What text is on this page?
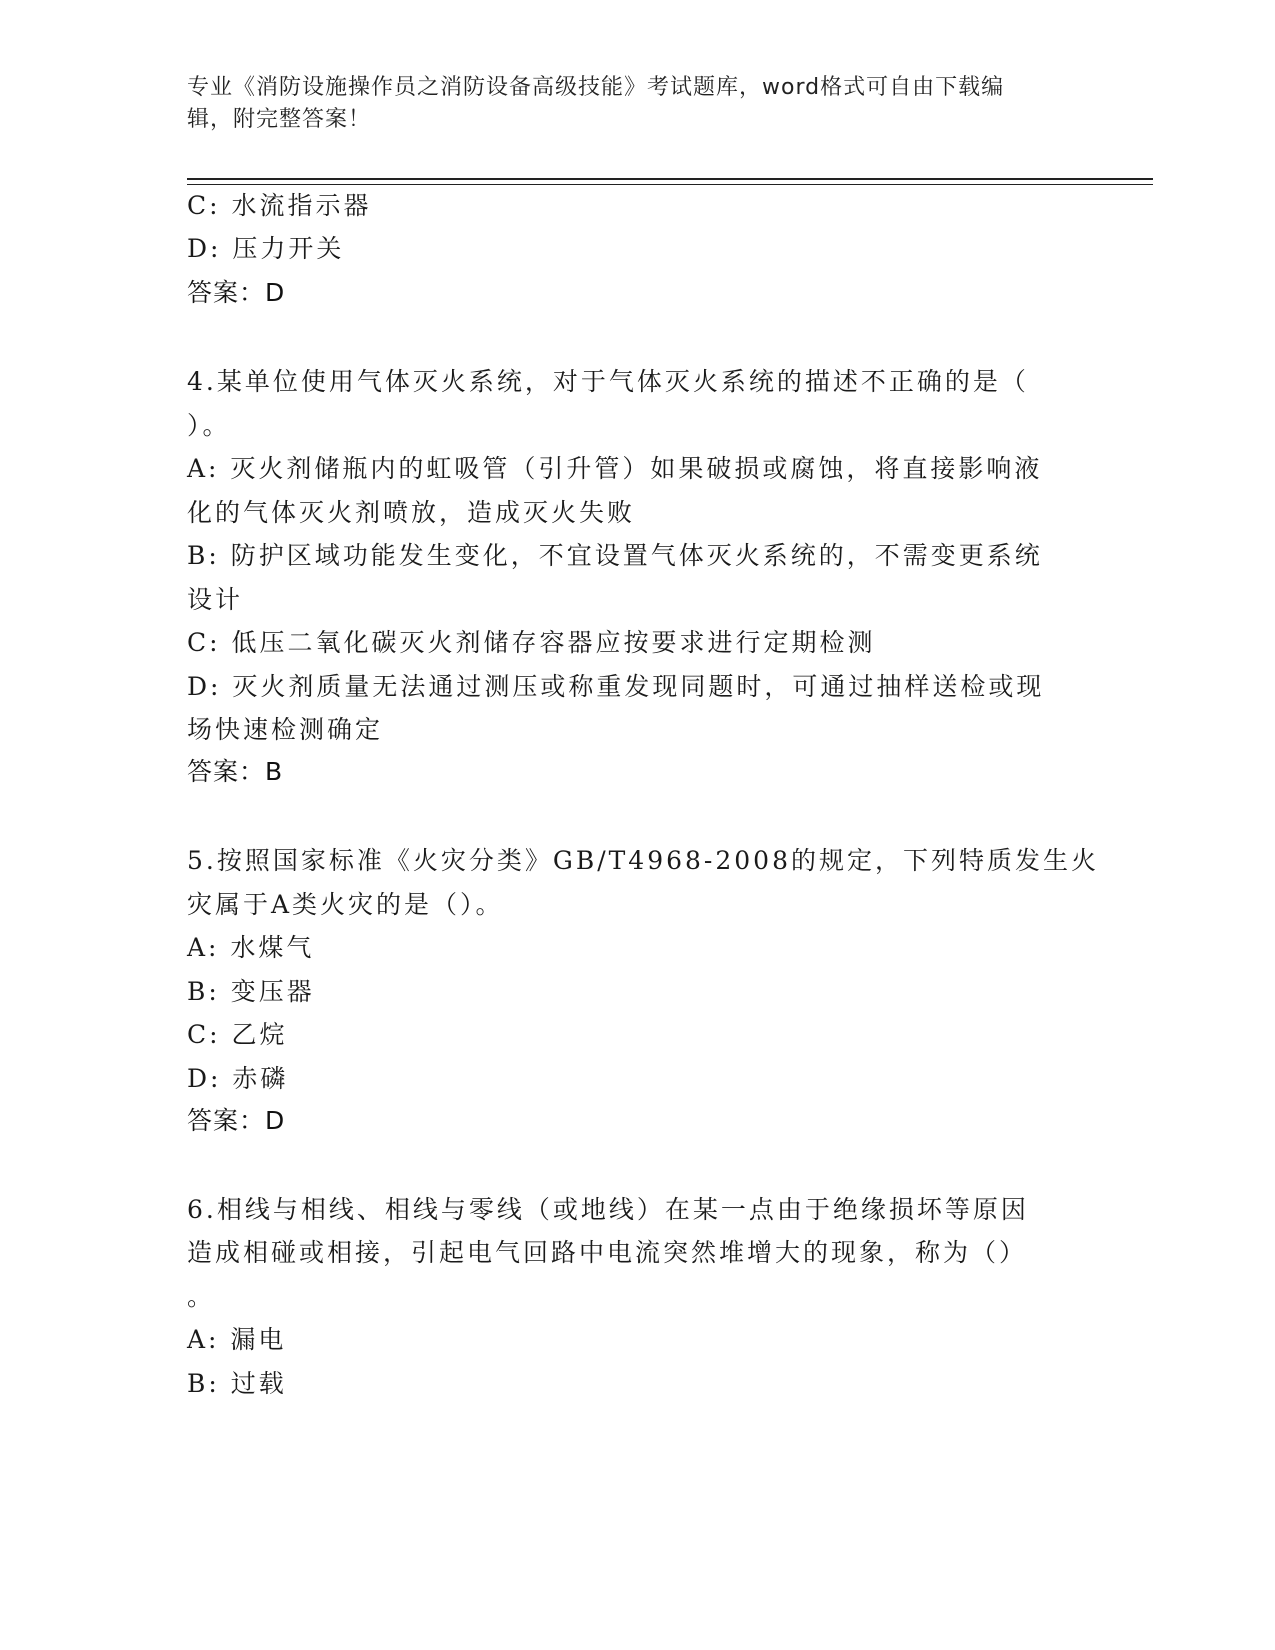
专业《消防设施操作员之消防设备高级技能》考试题库，word格式可自由下载编
辑，附完整答案！
C: 水流指示器
D: 压力开关
答案：D
4.某单位使用气体灭火系统，对于气体灭火系统的描述不正确的是（
）。
A: 灭火剂储瓶内的虹吸管（引升管）如果破损或腐蚀，将直接影响液
化的气体灭火剂喷放，造成灭火失败
B: 防护区域功能发生变化，不宜设置气体灭火系统的，不需变更系统
设计
C: 低压二氧化碳灭火剂储存容器应按要求进行定期检测
D: 灭火剂质量无法通过测压或称重发现同题时，可通过抽样送检或现
场快速检测确定
答案：B
5.按照国家标准《火灾分类》GB/T4968-2008的规定，下列特质发生火
灾属于A类火灾的是（）。
A: 水煤气
B: 变压器
C: 乙烷
D: 赤磷
答案：D
6.相线与相线、相线与零线（或地线）在某一点由于绝缘损坏等原因
造成相碰或相接，引起电气回路中电流突然堆增大的现象，称为（）
。
A: 漏电
B: 过载
